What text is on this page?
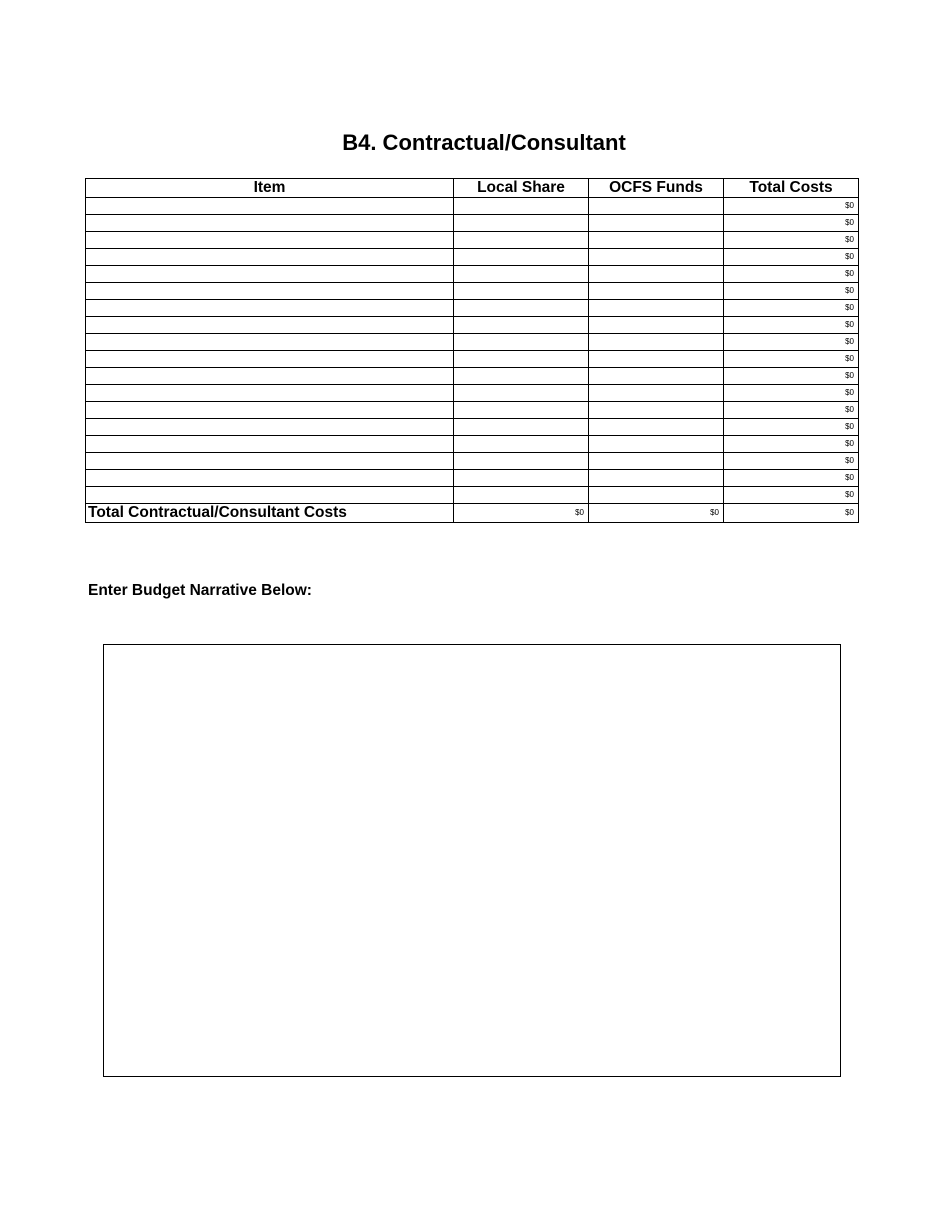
B4. Contractual/Consultant
Item	Local Share	OCFS Funds	Total Costs
			$0
			$0
			$0
			$0
			$0
			$0
			$0
			$0
			$0
			$0
			$0
			$0
			$0
			$0
			$0
			$0
			$0
			$0
Total Contractual/Consultant Costs	$0	$0	$0
Enter Budget Narrative Below:
